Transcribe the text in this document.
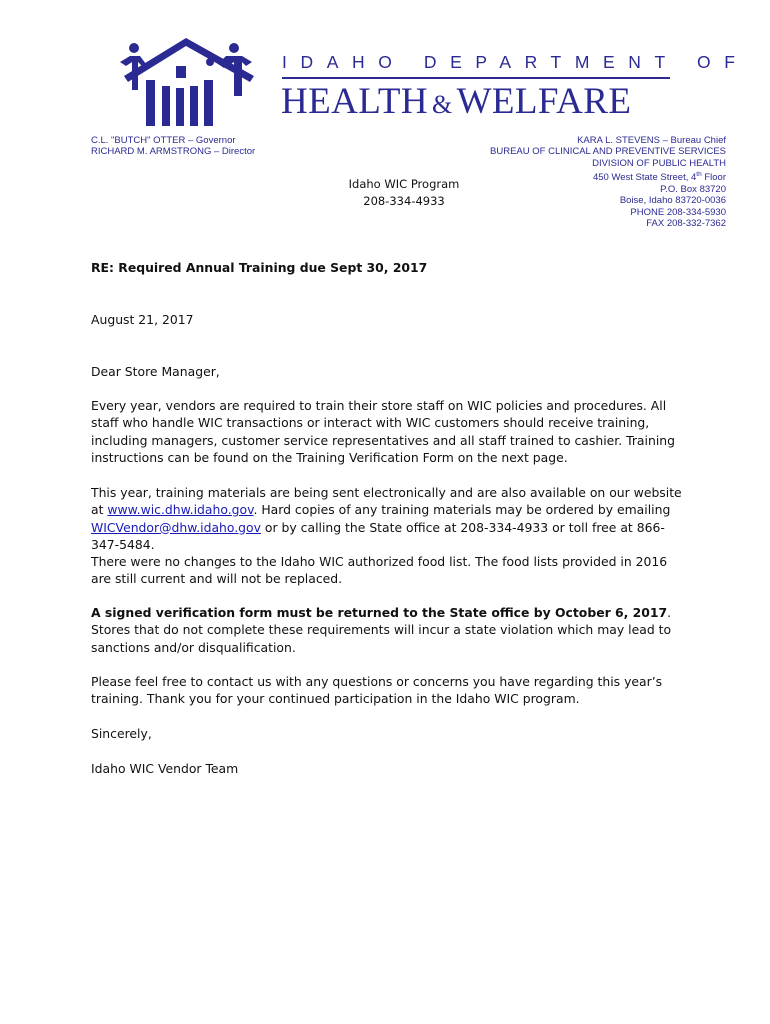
IDAHO DEPARTMENT OF
HEALTH & WELFARE
C.L. "BUTCH" OTTER – Governor
RICHARD M. ARMSTRONG – Director
KARA L. STEVENS – Bureau Chief
BUREAU OF CLINICAL AND PREVENTIVE SERVICES
DIVISION OF PUBLIC HEALTH
450 West State Street, 4th Floor
P.O. Box 83720
Boise, Idaho 83720-0036
PHONE 208-334-5930
FAX 208-332-7362
Idaho WIC Program
208-334-4933
RE: Required Annual Training due Sept 30, 2017
August 21, 2017
Dear Store Manager,
Every year, vendors are required to train their store staff on WIC policies and procedures. All staff who handle WIC transactions or interact with WIC customers should receive training, including managers, customer service representatives and all staff trained to cashier. Training instructions can be found on the Training Verification Form on the next page.
This year, training materials are being sent electronically and are also available on our website at www.wic.dhw.idaho.gov. Hard copies of any training materials may be ordered by emailing WICVendor@dhw.idaho.gov or by calling the State office at 208-334-4933 or toll free at 866-347-5484.
There were no changes to the Idaho WIC authorized food list. The food lists provided in 2016 are still current and will not be replaced.
A signed verification form must be returned to the State office by October 6, 2017. Stores that do not complete these requirements will incur a state violation which may lead to sanctions and/or disqualification.
Please feel free to contact us with any questions or concerns you have regarding this year’s training. Thank you for your continued participation in the Idaho WIC program.
Sincerely,
Idaho WIC Vendor Team
